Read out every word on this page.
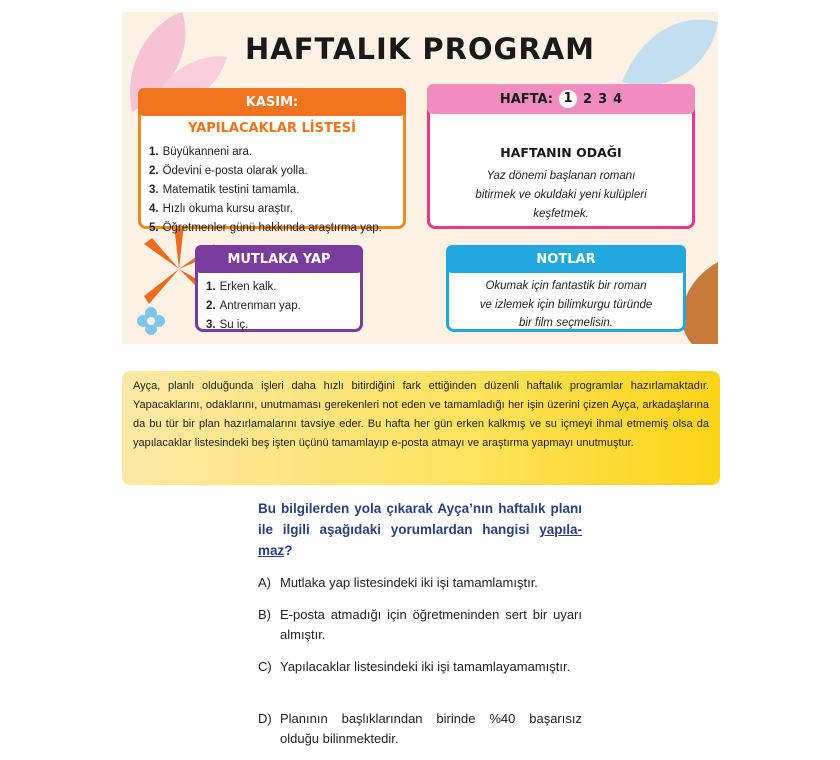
HAFTALIK PROGRAM
KASIM:
YAPILACAKLAR LİSTESİ
1. Büyükanneni ara.
2. Ödevini e-posta olarak yolla.
3. Matematik testini tamamla.
4. Hızlı okuma kursu araştır.
5. Öğretmenler günü hakkında araştırma yap.
HAFTA: 1 2 3 4
HAFTANIN ODAĞI
Yaz dönemi başlanan romanı
bitirmek ve okuldaki yeni kulüpleri
keşfetmek.
MUTLAKA YAP
1. Erken kalk.
2. Antrenman yap.
3. Su iç.
NOTLAR
Okumak için fantastik bir roman
ve izlemek için bilimkurgu türünde
bir film seçmelisin.
Ayça, planlı olduğunda işleri daha hızlı bitirdiğini fark ettiğinden düzenli haftalık programlar hazırlamaktadır. Yapacaklarını, odaklarını, unutmaması gerekenleri not eden ve tamamladığı her işin üzerini çizen Ayça, arkadaşlarına da bu tür bir plan hazırlamalarını tavsiye eder. Bu hafta her gün erken kalkmış ve su içmeyi ihmal etmemiş olsa da yapılacaklar listesindeki beş işten üçünü tamamlayıp e-posta atmayı ve araştırma yapmayı unutmuştur.
Bu bilgilerden yola çıkarak Ayça’nın haftalık planı ile ilgili aşağıdaki yorumlardan hangisi yapıla-maz?
A) Mutlaka yap listesindeki iki işi tamamlamıştır.
B) E-posta atmadığı için öğretmeninden sert bir uyarı almıştır.
C) Yapılacaklar listesindeki iki işi tamamlayamamıştır.
D) Planının başlıklarından birinde %40 başarısız olduğu bilinmektedir.
